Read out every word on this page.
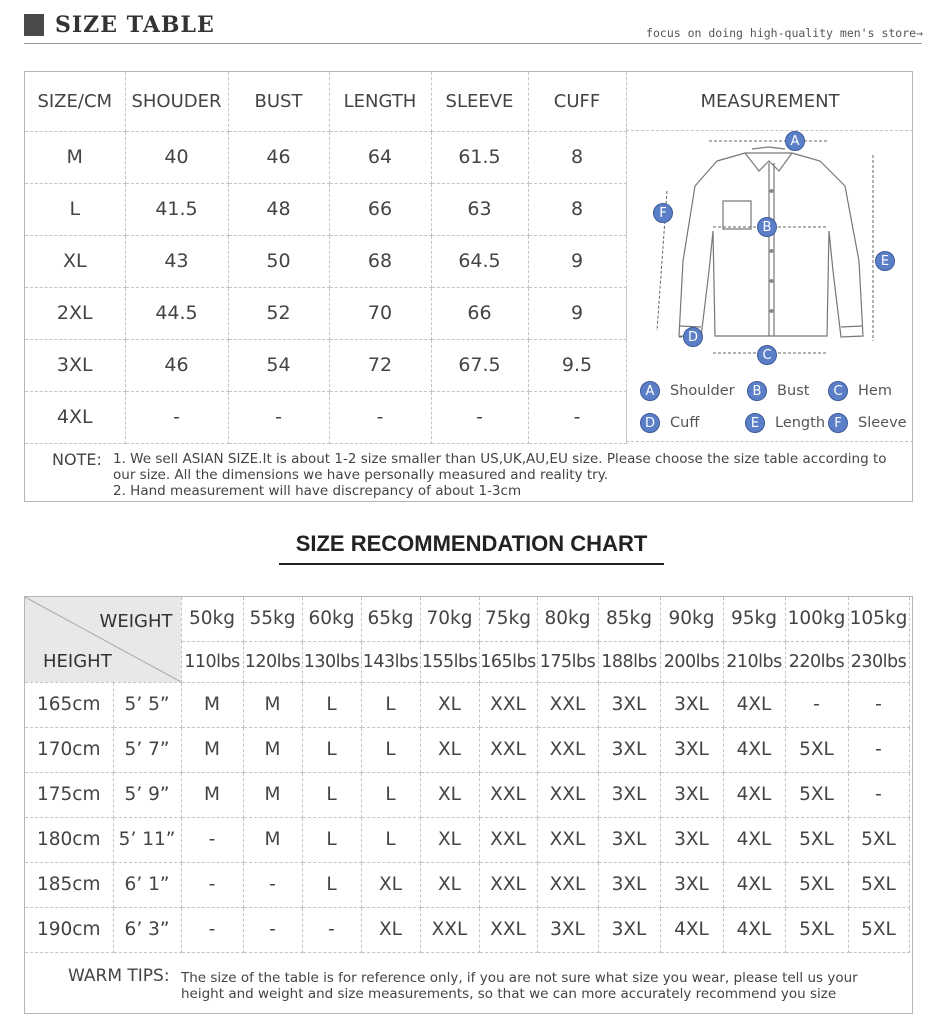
SIZE TABLE	focus on doing high-quality men's store→
SIZE/CM	SHOUDER	BUST	LENGTH	SLEEVE	CUFF
M	40	46	64	61.5	8
L	41.5	48	66	63	8
XL	43	50	68	64.5	9
2XL	44.5	52	70	66	9
3XL	46	54	72	67.5	9.5
4XL	-	-	-	-	-
MEASUREMENT
A
B
C
D
E
F
A	Shoulder	B	Bust	C	Hem
D	Cuff	E	Length F	Sleeve
NOTE: 1. We sell ASIAN SIZE.It is about 1-2 size smaller than US,UK,AU,EU size. Please choose the size table according to our size. All the dimensions we have personally measured and reality try.
2. Hand measurement will have discrepancy of about 1-3cm
SIZE RECOMMENDATION CHART
WEIGHT
HEIGHT		50kg	55kg	60kg	65kg	70kg	75kg	80kg	85kg	90kg	95kg	100kg	105kg
		110lbs	120lbs	130lbs	143lbs	155lbs	165lbs	175lbs	188lbs	200lbs	210lbs	220lbs	230lbs
165cm	5’ 5”	M	M	L	L	XL	XXL	XXL	3XL	3XL	4XL	-	-
170cm	5’ 7”	M	M	L	L	XL	XXL	XXL	3XL	3XL	4XL	5XL	-
175cm	5’ 9”	M	M	L	L	XL	XXL	XXL	3XL	3XL	4XL	5XL	-
180cm	5’ 11”	-	M	L	L	XL	XXL	XXL	3XL	3XL	4XL	5XL	5XL
185cm	6’ 1”	-	-	L	XL	XL	XXL	XXL	3XL	3XL	4XL	5XL	5XL
190cm	6’ 3”	-	-	-	XL	XXL	XXL	3XL	3XL	4XL	4XL	5XL	5XL
WARM TIPS: The size of the table is for reference only, if you are not sure what size you wear, please tell us your height and weight and size measurements, so that we can more accurately recommend you size
